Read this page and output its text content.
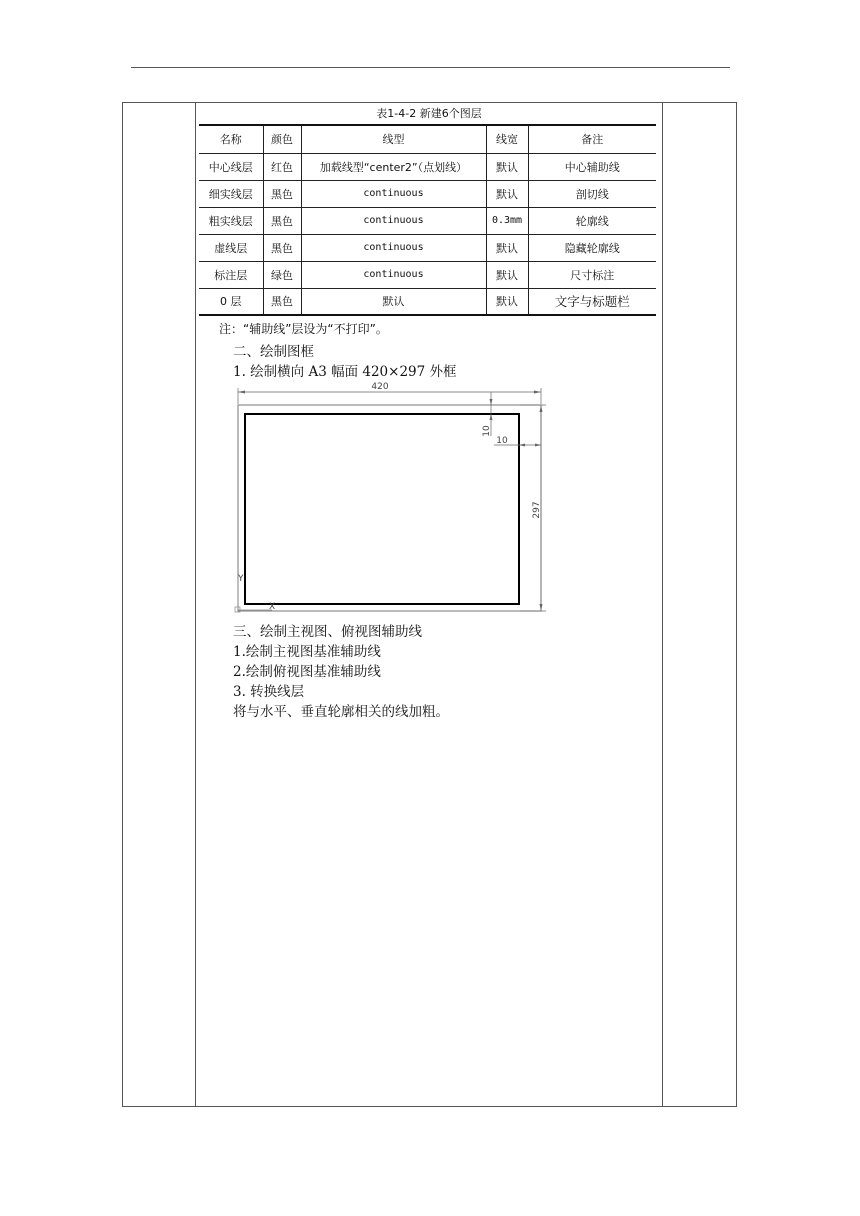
表1-4-2 新建6个图层
名称	颜色	线型	线宽	备注
中心线层	红色	加载线型“center2”（点划线）	默认	中心辅助线
细实线层	黑色	continuous	默认	剖切线
粗实线层	黑色	continuous	0.3mm	轮廓线
虚线层	黑色	continuous	默认	隐藏轮廓线
标注层	绿色	continuous	默认	尺寸标注
0 层	黑色	默认	默认	文字与标题栏
注：“辅助线”层设为“不打印”。
二、绘制图框
1. 绘制横向 A3 幅面 420×297 外框
420
297
10
10
Y
X
三、绘制主视图、俯视图辅助线
1.绘制主视图基准辅助线
2.绘制俯视图基准辅助线
3. 转换线层
将与水平、垂直轮廓相关的线加粗。
